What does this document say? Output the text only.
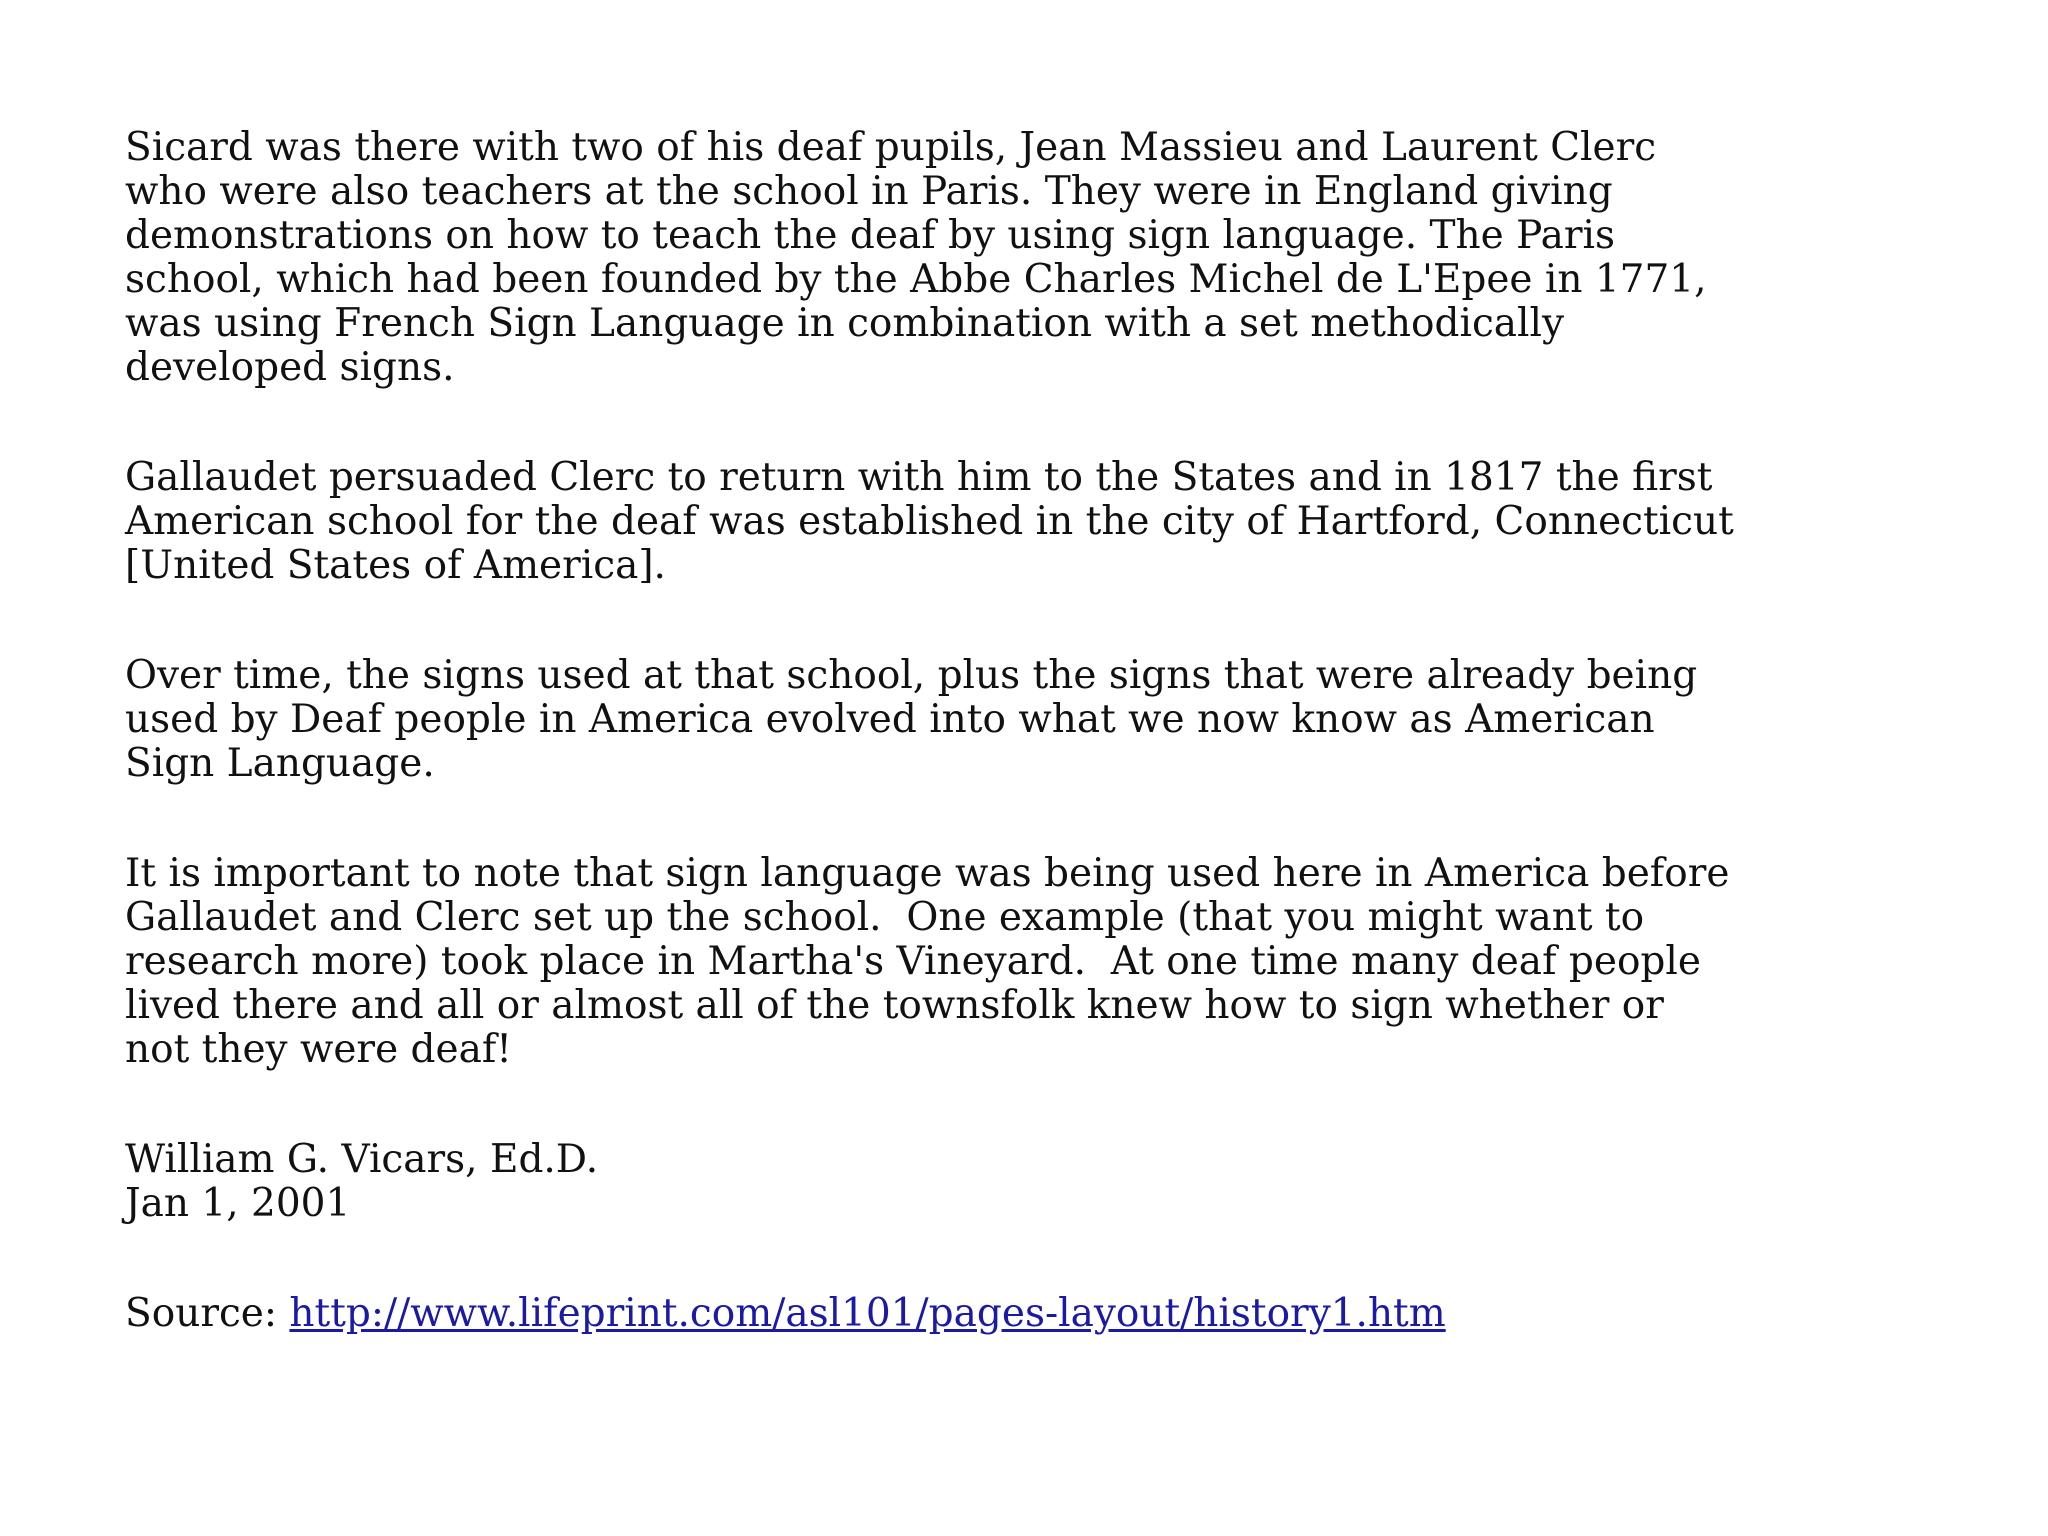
Sicard was there with two of his deaf pupils, Jean Massieu and Laurent Clerc
who were also teachers at the school in Paris. They were in England giving
demonstrations on how to teach the deaf by using sign language. The Paris
school, which had been founded by the Abbe Charles Michel de L'Epee in 1771,
was using French Sign Language in combination with a set methodically
developed signs.

Gallaudet persuaded Clerc to return with him to the States and in 1817 the first
American school for the deaf was established in the city of Hartford, Connecticut
[United States of America].

Over time, the signs used at that school, plus the signs that were already being
used by Deaf people in America evolved into what we now know as American
Sign Language.

It is important to note that sign language was being used here in America before
Gallaudet and Clerc set up the school.  One example (that you might want to
research more) took place in Martha's Vineyard.  At one time many deaf people
lived there and all or almost all of the townsfolk knew how to sign whether or
not they were deaf!

William G. Vicars, Ed.D.
Jan 1, 2001

Source: http://www.lifeprint.com/asl101/pages-layout/history1.htm
